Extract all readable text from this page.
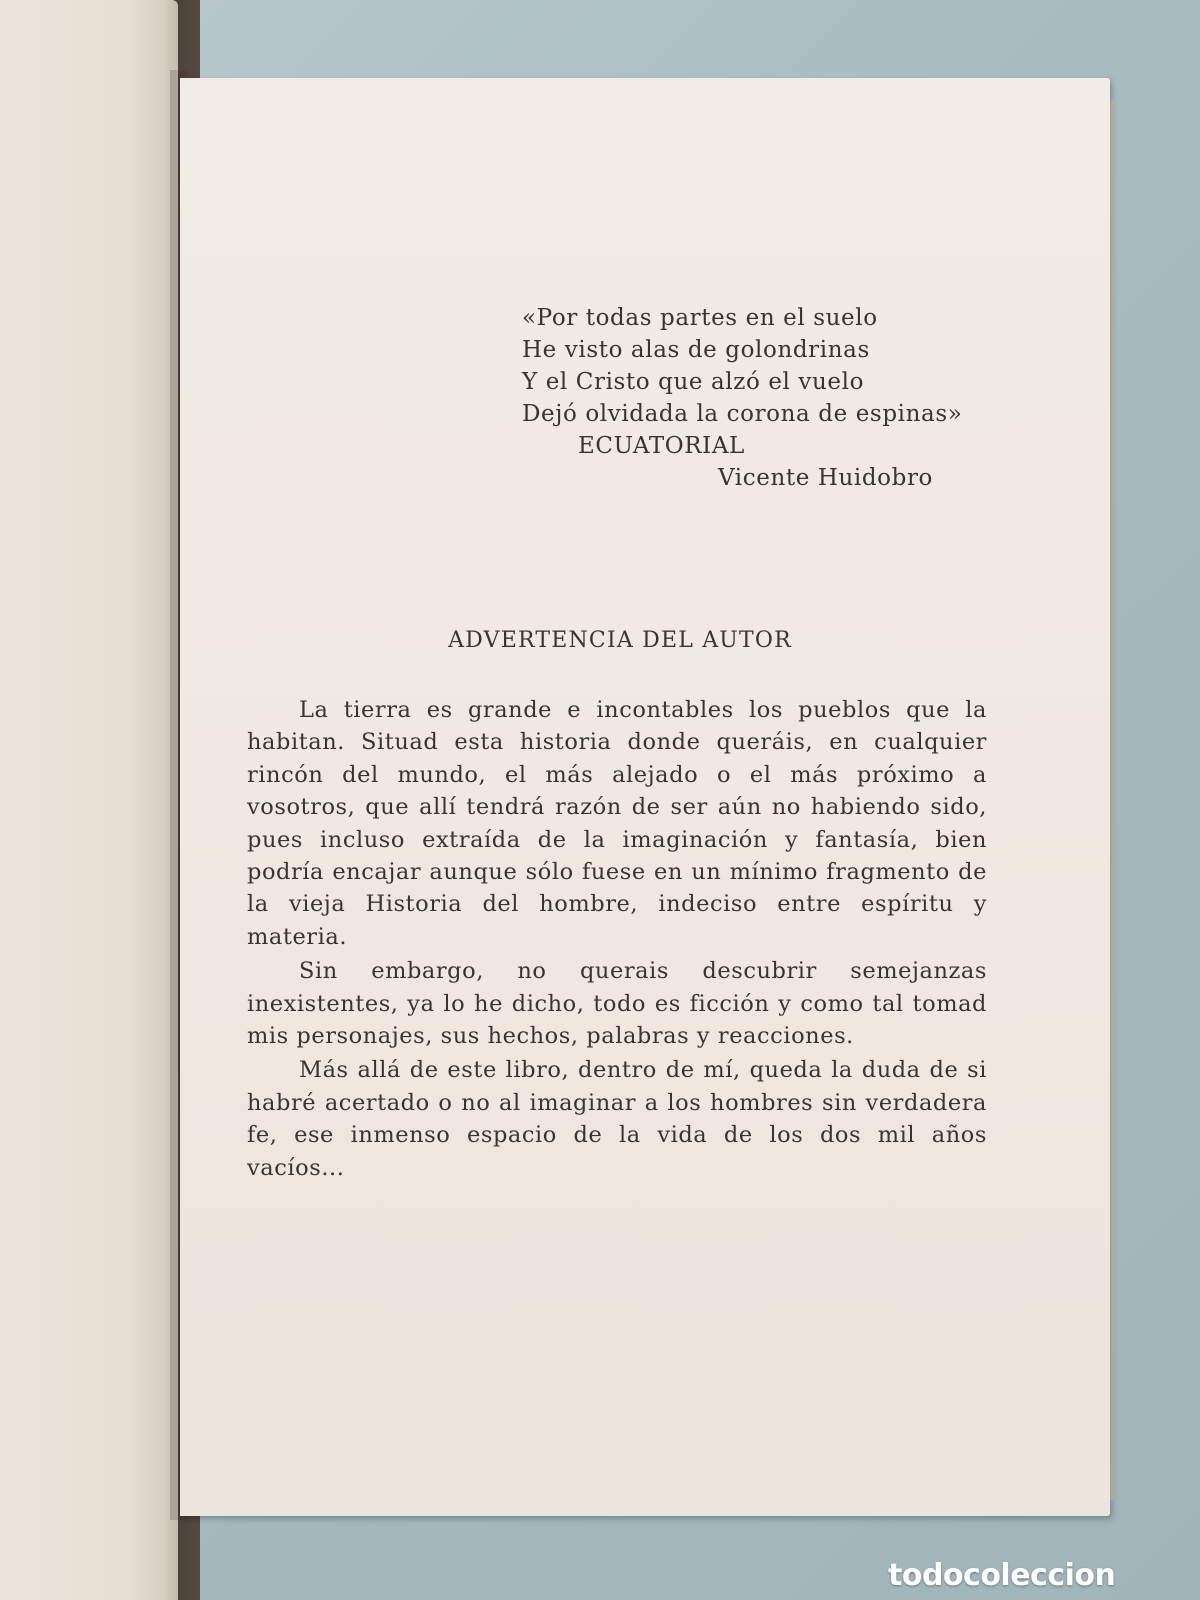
«Por todas partes en el suelo
He visto alas de golondrinas
Y el Cristo que alzó el vuelo
Dejó olvidada la corona de espinas»
ECUATORIAL
Vicente Huidobro
ADVERTENCIA DEL AUTOR

La tierra es grande e incontables los pueblos que la habitan. Situad esta historia donde queráis, en cualquier rincón del mundo, el más alejado o el más próximo a vosotros, que allí tendrá razón de ser aún no habiendo sido, pues incluso extraída de la imaginación y fantasía, bien podría encajar aunque sólo fuese en un mínimo fragmento de la vieja Historia del hombre, indeciso entre espíritu y materia.

Sin embargo, no querais descubrir semejanzas inexistentes, ya lo he dicho, todo es ficción y como tal tomad mis personajes, sus hechos, palabras y reacciones.

Más allá de este libro, dentro de mí, queda la duda de si habré acertado o no al imaginar a los hombres sin verdadera fe, ese inmenso espacio de la vida de los dos mil años vacíos...

todocoleccion
